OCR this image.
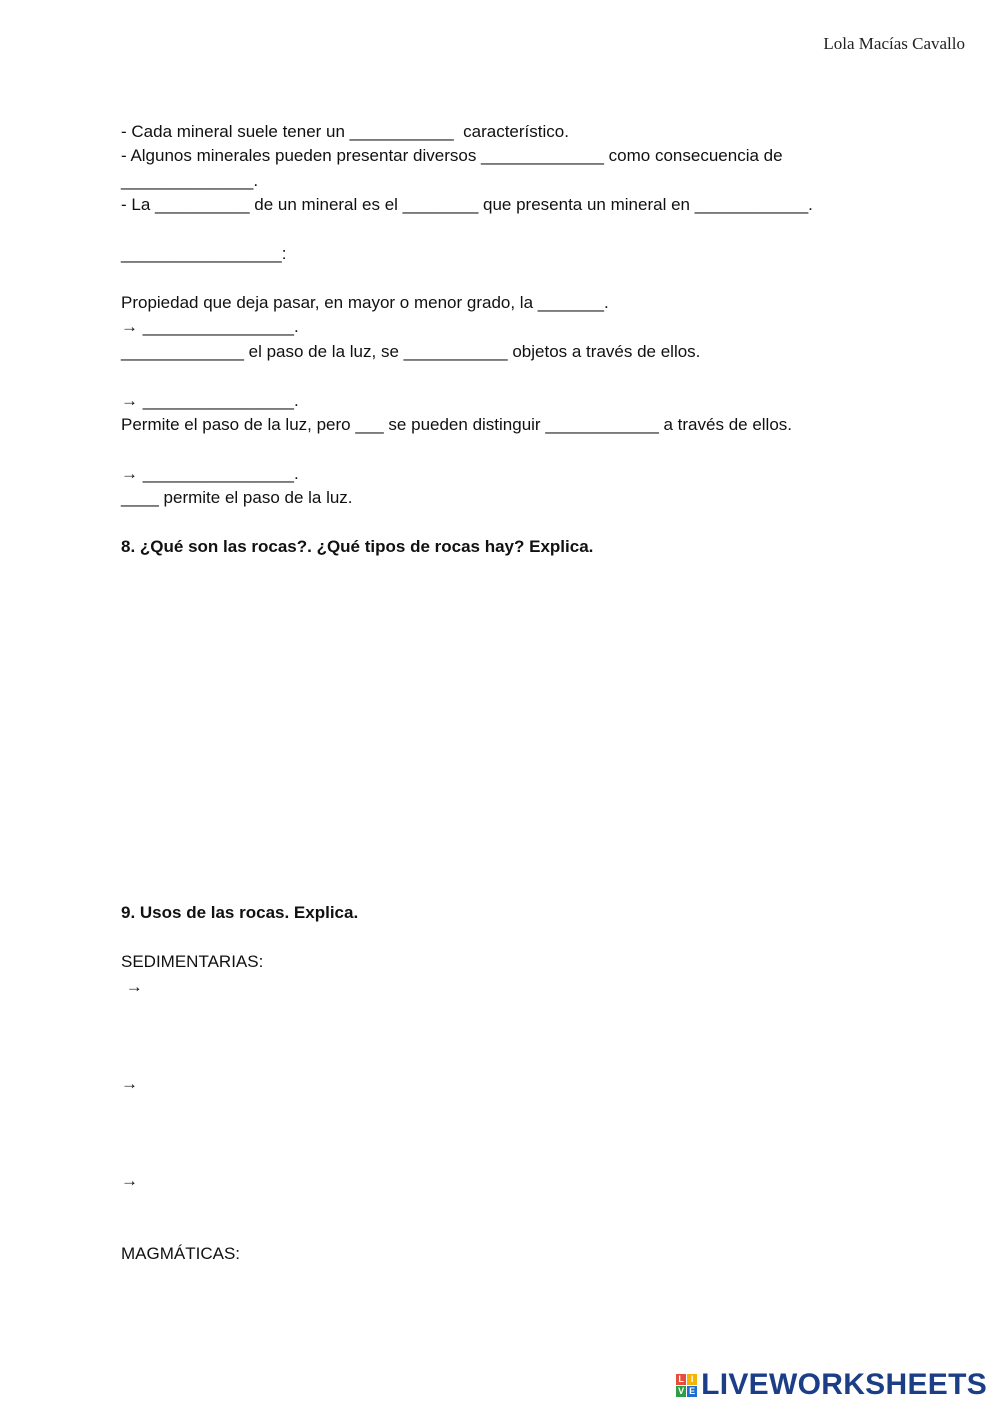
Lola Macías Cavallo
- Cada mineral suele tener un ___________  característico.
- Algunos minerales pueden presentar diversos _____________ como consecuencia de
______________.
- La __________ de un mineral es el ________ que presenta un mineral en ____________.
_________________:
Propiedad que deja pasar, en mayor o menor grado, la _______.
→ ________________.
_____________ el paso de la luz, se ___________ objetos a través de ellos.
→ ________________.
Permite el paso de la luz, pero ___ se pueden distinguir ____________ a través de ellos.
→ ________________.
____ permite el paso de la luz.
8. ¿Qué son las rocas?. ¿Qué tipos de rocas hay? Explica.
9. Usos de las rocas. Explica.
SEDIMENTARIAS:
→
→
→
MAGMÁTICAS:
L I
V E LIVEWORKSHEETS
